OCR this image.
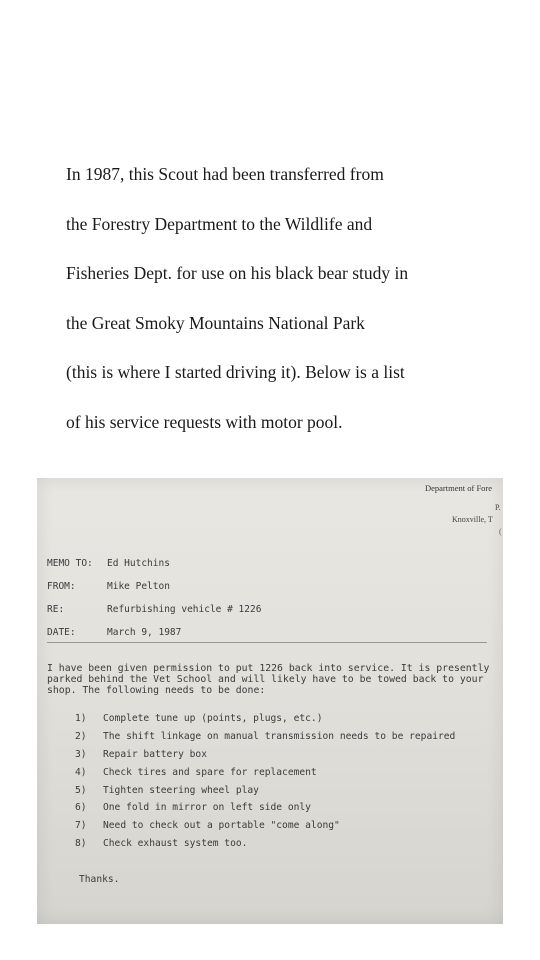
In 1987, this Scout had been transferred from
the Forestry Department to the Wildlife and
Fisheries Dept. for use on his black bear study in
the Great Smoky Mountains National Park
(this is where I started driving it). Below is a list
of his service requests with motor pool.
Department of Fore
P.
Knoxville, T
(
MEMO TO: Ed Hutchins
FROM:	Mike Pelton
RE:	Refurbishing vehicle # 1226
DATE:	March 9, 1987

I have been given permission to put 1226 back into service. It is presently parked behind the Vet School and will likely have to be towed back to your shop. The following needs to be done:

1) Complete tune up (points, plugs, etc.)
2) The shift linkage on manual transmission needs to be repaired
3) Repair battery box
4) Check tires and spare for replacement
5) Tighten steering wheel play
6) One fold in mirror on left side only
7) Need to check out a portable "come along"
8) Check exhaust system too.
Thanks.
